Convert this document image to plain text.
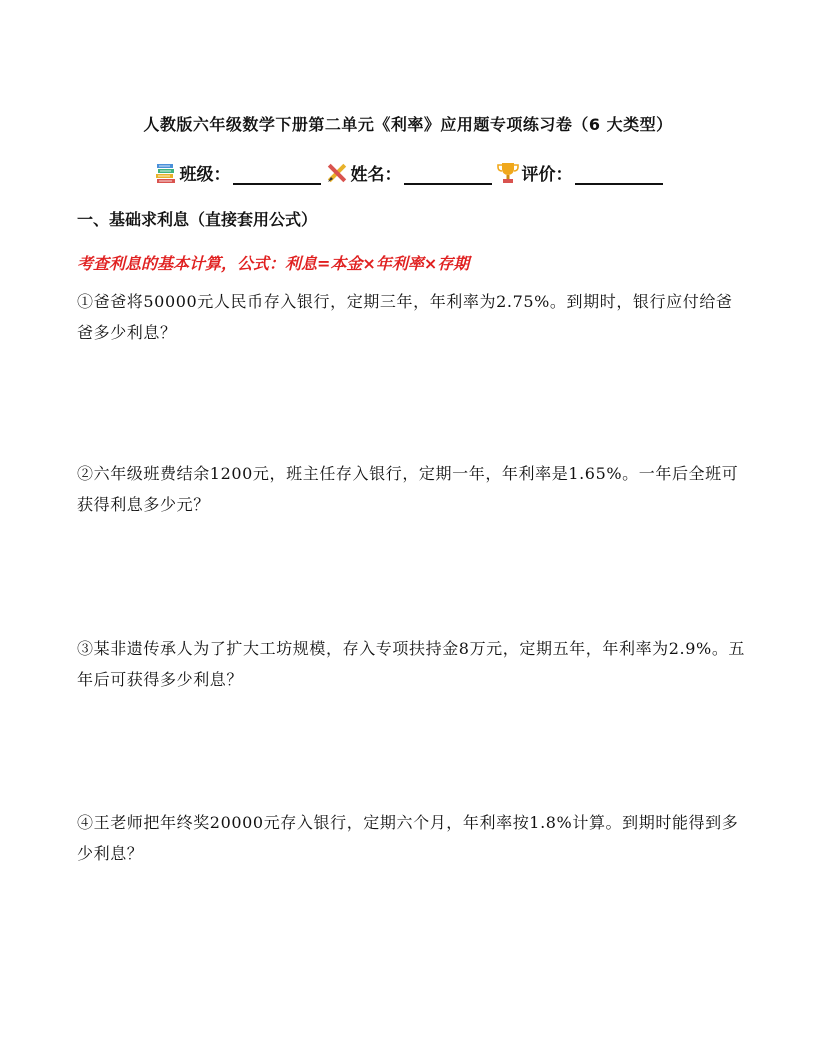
人教版六年级数学下册第二单元《利率》应用题专项练习卷（6 大类型）
班级：	姓名：	评价：
一、基础求利息（直接套用公式）
考查利息的基本计算，公式：利息=本金×年利率×存期
①爸爸将50000元人民币存入银行，定期三年，年利率为2.75%。到期时，银行应付给爸爸多少利息？
②六年级班费结余1200元，班主任存入银行，定期一年，年利率是1.65%。一年后全班可获得利息多少元？
③某非遗传承人为了扩大工坊规模，存入专项扶持金8万元，定期五年，年利率为2.9%。五年后可获得多少利息？
④王老师把年终奖20000元存入银行，定期六个月，年利率按1.8%计算。到期时能得到多少利息？
